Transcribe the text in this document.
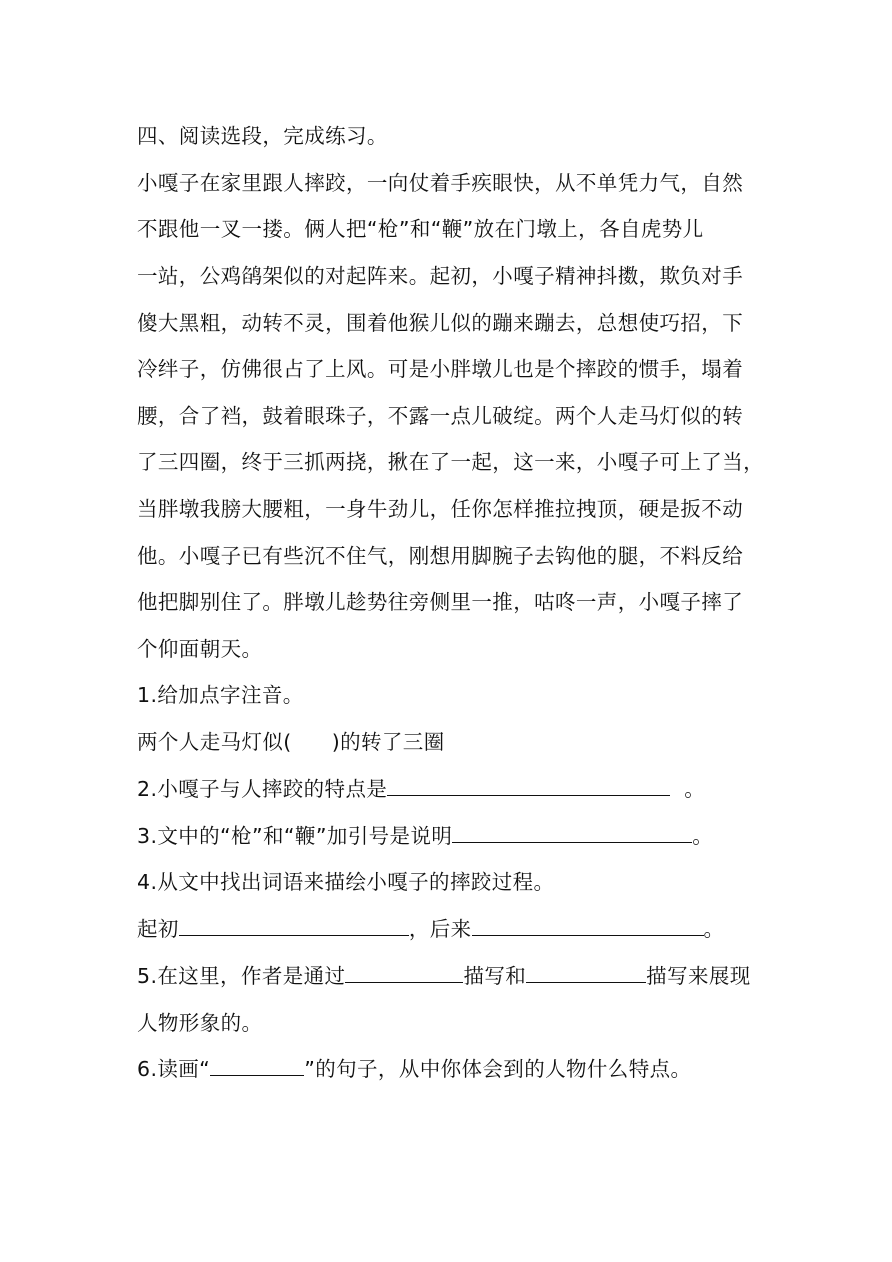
四、阅读选段，完成练习。
小嘎子在家里跟人摔跤，一向仗着手疾眼快，从不单凭力气，自然
不跟他一叉一搂。俩人把“枪”和“鞭”放在门墩上，各自虎势儿
一站，公鸡鹐架似的对起阵来。起初，小嘎子精神抖擞，欺负对手
傻大黑粗，动转不灵，围着他猴儿似的蹦来蹦去，总想使巧招，下
冷绊子，仿佛很占了上风。可是小胖墩儿也是个摔跤的惯手，塌着
腰，合了裆，鼓着眼珠子，不露一点儿破绽。两个人走马灯似的转
了三四圈，终于三抓两挠，揪在了一起，这一来，小嘎子可上了当，
当胖墩我膀大腰粗，一身牛劲儿，任你怎样推拉拽顶，硬是扳不动
他。小嘎子已有些沉不住气，刚想用脚腕子去钩他的腿，不料反给
他把脚别住了。胖墩儿趁势往旁侧里一推，咕咚一声，小嘎子摔了
个仰面朝天。
1.给加点字注音。
两个人走马灯似( )的转了三圈
2.小嘎子与人摔跤的特点是	。
3.文中的“枪”和“鞭”加引号是说明	。
4.从文中找出词语来描绘小嘎子的摔跤过程。
起初	，后来	。
5.在这里，作者是通过	描写和	描写来展现
人物形象的。
6.读画“	”的句子，从中你体会到的人物什么特点。
